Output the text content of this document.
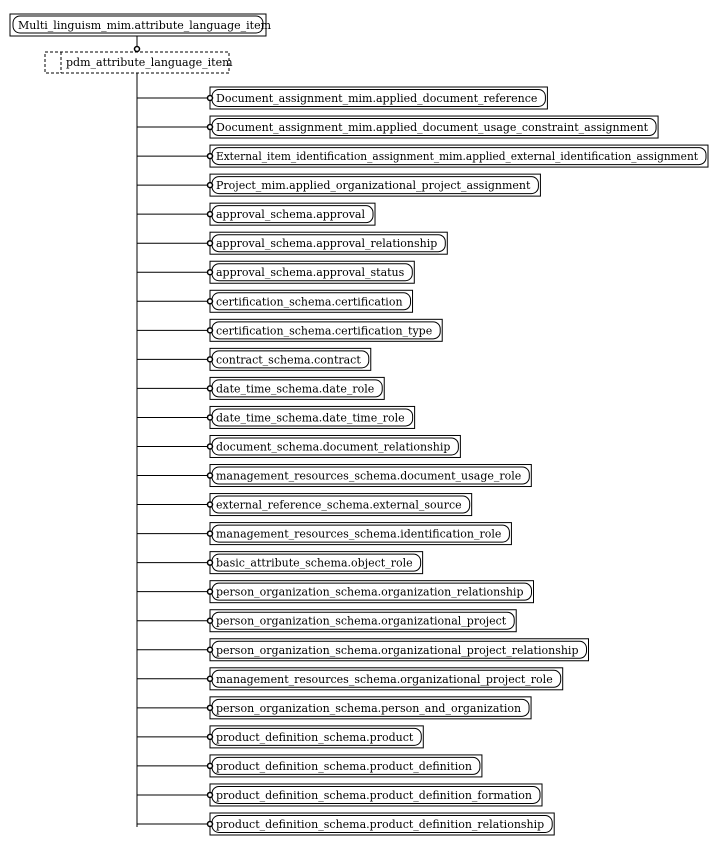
Multi_linguism_mim.attribute_language_item
pdm_attribute_language_item
Document_assignment_mim.applied_document_reference
Document_assignment_mim.applied_document_usage_constraint_assignment
External_item_identification_assignment_mim.applied_external_identification_assignment
Project_mim.applied_organizational_project_assignment
approval_schema.approval
approval_schema.approval_relationship
approval_schema.approval_status
certification_schema.certification
certification_schema.certification_type
contract_schema.contract
date_time_schema.date_role
date_time_schema.date_time_role
document_schema.document_relationship
management_resources_schema.document_usage_role
external_reference_schema.external_source
management_resources_schema.identification_role
basic_attribute_schema.object_role
person_organization_schema.organization_relationship
person_organization_schema.organizational_project
person_organization_schema.organizational_project_relationship
management_resources_schema.organizational_project_role
person_organization_schema.person_and_organization
product_definition_schema.product
product_definition_schema.product_definition
product_definition_schema.product_definition_formation
product_definition_schema.product_definition_relationship
